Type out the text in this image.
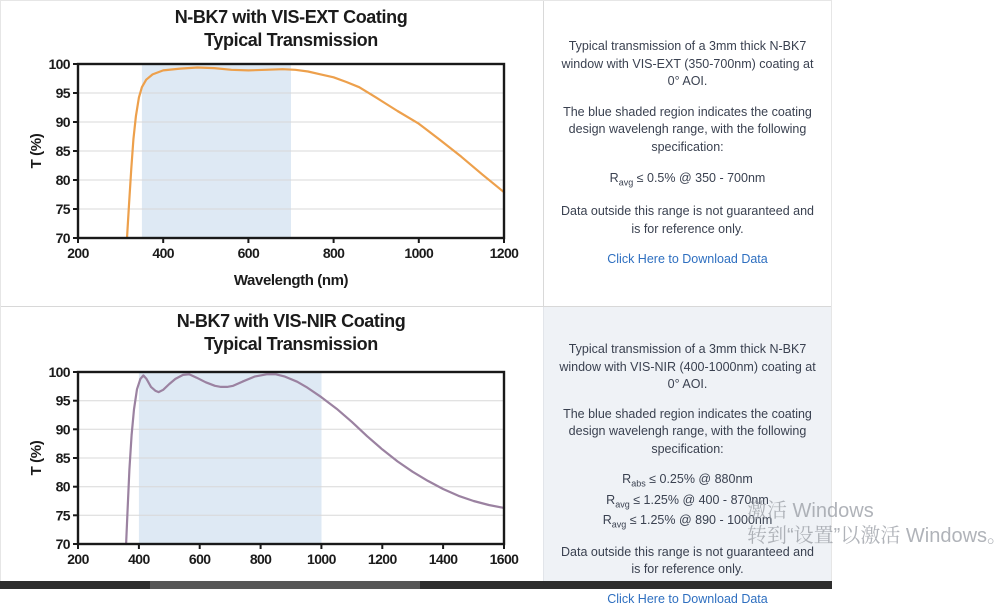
N-BK7 with VIS-EXT Coating
Typical Transmission
100
95
90
85
80
75
70
200	400	600	800	1000	1200
T (%)
Wavelength (nm)

Typical transmission of a 3mm thick N-BK7 window with VIS-EXT (350-700nm) coating at 0° AOI.

The blue shaded region indicates the coating design wavelengh range, with the following specification:

$R_{avg} \le 0.5\%$ @ 350 - 700nm

Data outside this range is not guaranteed and is for reference only.

Click Here to Download Data
N-BK7 with VIS-NIR Coating
Typical Transmission
100
95
90
85
80
75
70
200	400	600	800	1000 1200 1400 1600
T (%)

Typical transmission of a 3mm thick N-BK7 window with VIS-NIR (400-1000nm) coating at 0° AOI.

The blue shaded region indicates the coating design wavelengh range, with the following specification:

$R_{abs} \le 0.25\%$ @ 880nm
$R_{avg} \le 1.25\%$ @ 400 - 870nm
$R_{avg} \le 1.25\%$ @ 890 - 1000nm

Data outside this range is not guaranteed and is for reference only.

Click Here to Download Data
激活 Windows
转到“设置”以激活 Windows。
